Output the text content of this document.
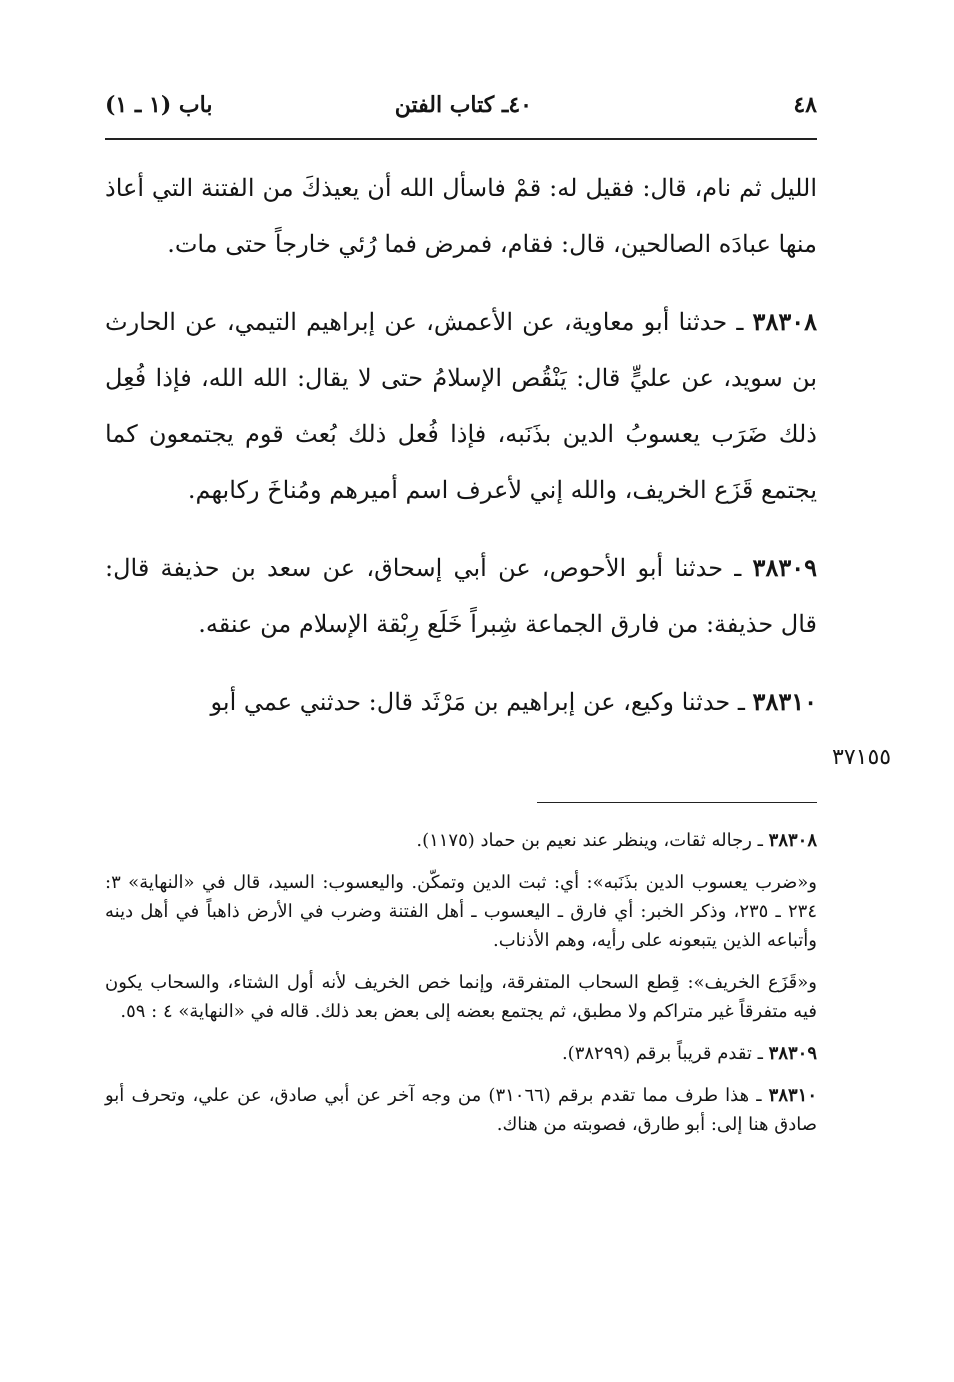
٤٨
٤٠ـ كتاب الفتن
باب (١ ـ ١)

الليل ثم نام، قال: فقيل له: قمْ فاسأل الله أن يعيذكَ من الفتنة التي أعاذ منها عبادَه الصالحين، قال: فقام، فمرض فما رُئي خارجاً حتى مات.

٣٨٣٠٨ ـ حدثنا أبو معاوية، عن الأعمش، عن إبراهيم التيمي، عن الحارث بن سويد، عن عليٍّ قال: يَنْقُص الإسلامُ حتى لا يقال: الله الله، فإذا فُعِل ذلك ضَرَب يعسوبُ الدين بذَنَبه، فإذا فُعل ذلك بُعث قوم يجتمعون كما يجتمع قَزَع الخريف، والله إني لأعرف اسم أميرهم ومُناخَ ركابهم.

٣٨٣٠٩ ـ حدثنا أبو الأحوص، عن أبي إسحاق، عن سعد بن حذيفة قال: قال حذيفة: من فارق الجماعة شِبراً خَلَع رِبْقة الإسلام من عنقه.

٣٨٣١٠ ـ حدثنا وكيع، عن إبراهيم بن مَرْثَد قال: حدثني عمي أبو

٣٧١٥٥

٣٨٣٠٨ ـ رجاله ثقات، وينظر عند نعيم بن حماد (١١٧٥).

و«ضرب يعسوب الدين بذَنَبه»: أي: ثبت الدين وتمكّن. واليعسوب: السيد، قال في «النهاية» ٣: ٢٣٤ ـ ٢٣٥، وذكر الخبر: أي فارق ـ اليعسوب ـ أهل الفتنة وضرب في الأرض ذاهباً في أهل دينه وأتباعه الذين يتبعونه على رأيه، وهم الأذناب.

و«قَزَع الخريف»: قِطع السحاب المتفرقة، وإنما خص الخريف لأنه أول الشتاء، والسحاب يكون فيه متفرقاً غير متراكم ولا مطبق، ثم يجتمع بعضه إلى بعض بعد ذلك. قاله في «النهاية» ٤ : ٥٩.

٣٨٣٠٩ ـ تقدم قريباً برقم (٣٨٢٩٩).

٣٨٣١٠ ـ هذا طرف مما تقدم برقم (٣١٠٦٦) من وجه آخر عن أبي صادق، عن علي، وتحرف أبو صادق هنا إلى: أبو طارق، فصوبته من هناك.
